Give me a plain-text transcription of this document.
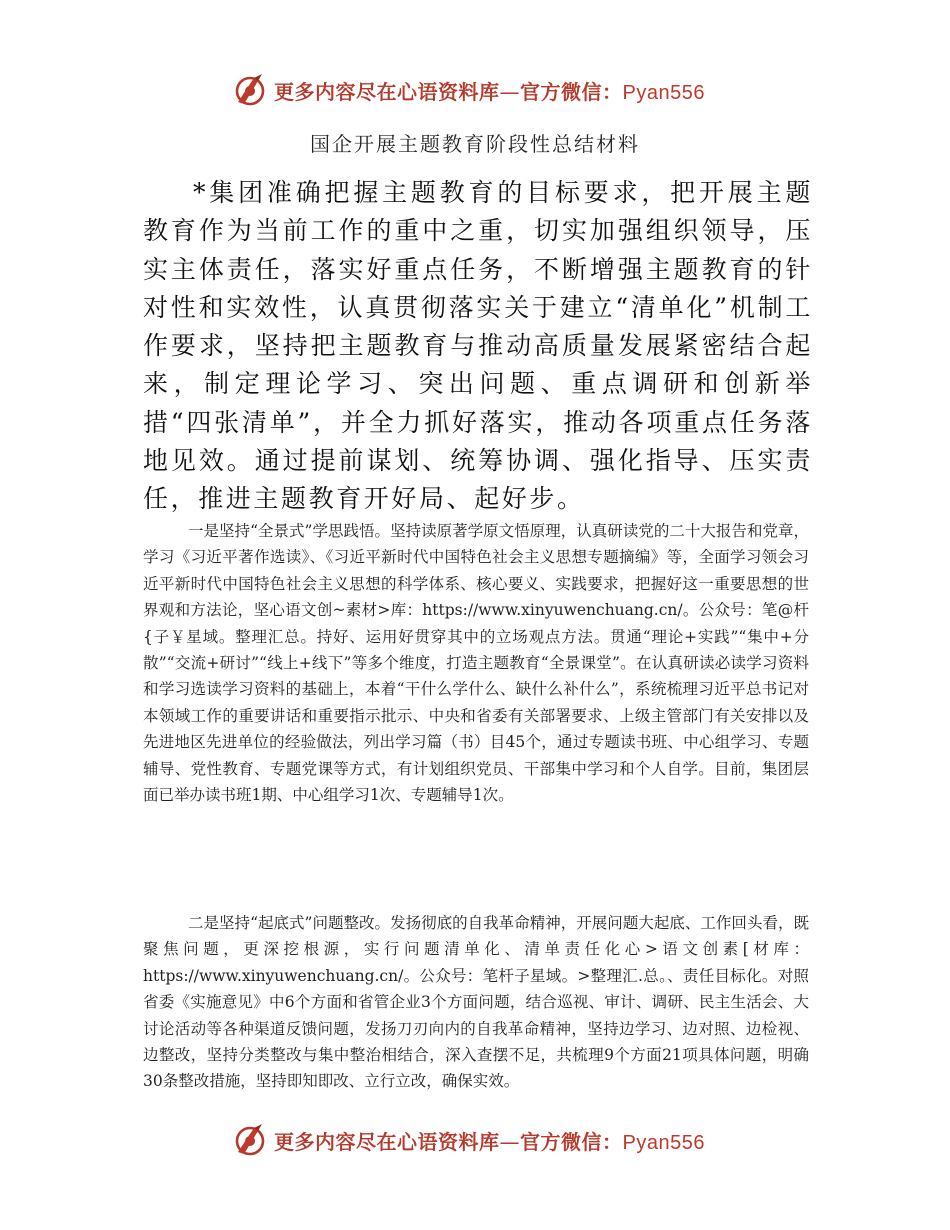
更多内容尽在心语资料库—官方微信：Pyan556
国企开展主题教育阶段性总结材料

*集团准确把握主题教育的目标要求，把开展主题教育作为当前工作的重中之重，切实加强组织领导，压实主体责任，落实好重点任务，不断增强主题教育的针对性和实效性，认真贯彻落实关于建立“清单化”机制工作要求，坚持把主题教育与推动高质量发展紧密结合起来，制定理论学习、突出问题、重点调研和创新举措“四张清单”，并全力抓好落实，推动各项重点任务落地见效。通过提前谋划、统筹协调、强化指导、压实责任，推进主题教育开好局、起好步。

一是坚持“全景式”学思践悟。坚持读原著学原文悟原理，认真研读党的二十大报告和党章，学习《习近平著作选读》、《习近平新时代中国特色社会主义思想专题摘编》等，全面学习领会习近平新时代中国特色社会主义思想的科学体系、核心要义、实践要求，把握好这一重要思想的世界观和方法论，坚心语文创~素材>库：https://www.xinyuwenchuang.cn/。公众号：笔@杆{子￥星域。整理汇总。持好、运用好贯穿其中的立场观点方法。贯通“理论+实践”“集中+分散”“交流+研讨”“线上+线下”等多个维度，打造主题教育“全景课堂”。在认真研读必读学习资料和学习选读学习资料的基础上，本着“干什么学什么、缺什么补什么”，系统梳理习近平总书记对本领域工作的重要讲话和重要指示批示、中央和省委有关部署要求、上级主管部门有关安排以及先进地区先进单位的经验做法，列出学习篇（书）目45个，通过专题读书班、中心组学习、专题辅导、党性教育、专题党课等方式，有计划组织党员、干部集中学习和个人自学。目前，集团层面已举办读书班1期、中心组学习1次、专题辅导1次。

二是坚持“起底式”问题整改。发扬彻底的自我革命精神，开展问题大起底、工作回头看，既聚焦问题，更深挖根源，实行问题清单化、清单责任化心>语文创素[材库：https://www.xinyuwenchuang.cn/。公众号：笔杆子星域。>整理汇.总。、责任目标化。对照省委《实施意见》中6个方面和省管企业3个方面问题，结合巡视、审计、调研、民主生活会、大讨论活动等各种渠道反馈问题，发扬刀刃向内的自我革命精神，坚持边学习、边对照、边检视、边整改，坚持分类整改与集中整治相结合，深入查摆不足，共梳理9个方面21项具体问题，明确30条整改措施，坚持即知即改、立行立改，确保实效。

更多内容尽在心语资料库—官方微信：Pyan556
